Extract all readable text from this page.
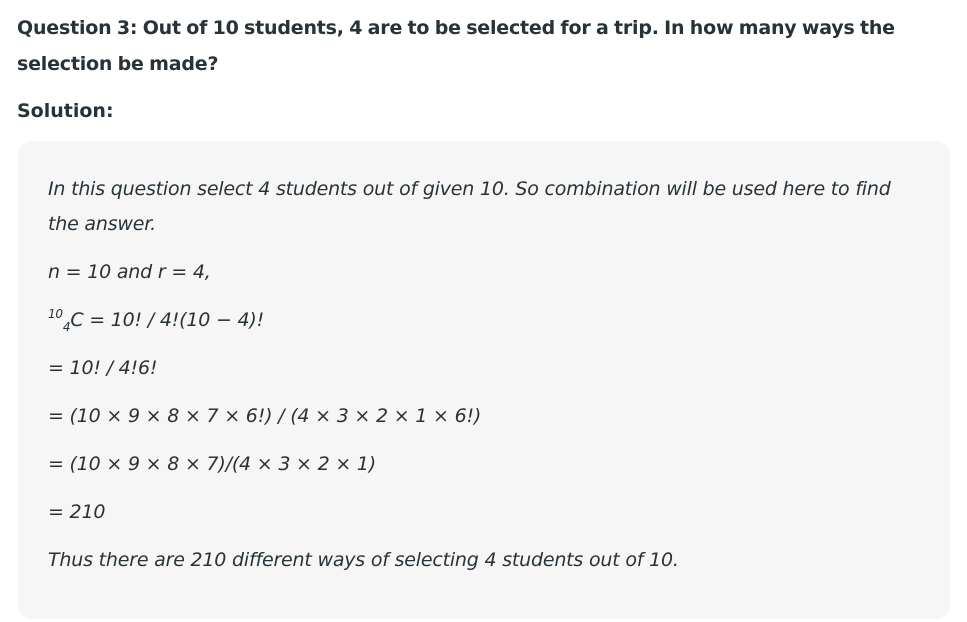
Question 3: Out of 10 students, 4 are to be selected for a trip. In how many ways the selection be made?
Solution:
In this question select 4 students out of given 10. So combination will be used here to find the answer.
n = 10 and r = 4,
$^{10}_4$C = 10! / 4!(10 − 4)!
= 10! / 4!6!
= (10 × 9 × 8 × 7 × 6!) / (4 × 3 × 2 × 1 × 6!)
= (10 × 9 × 8 × 7)/(4 × 3 × 2 × 1)
= 210
Thus there are 210 different ways of selecting 4 students out of 10.
